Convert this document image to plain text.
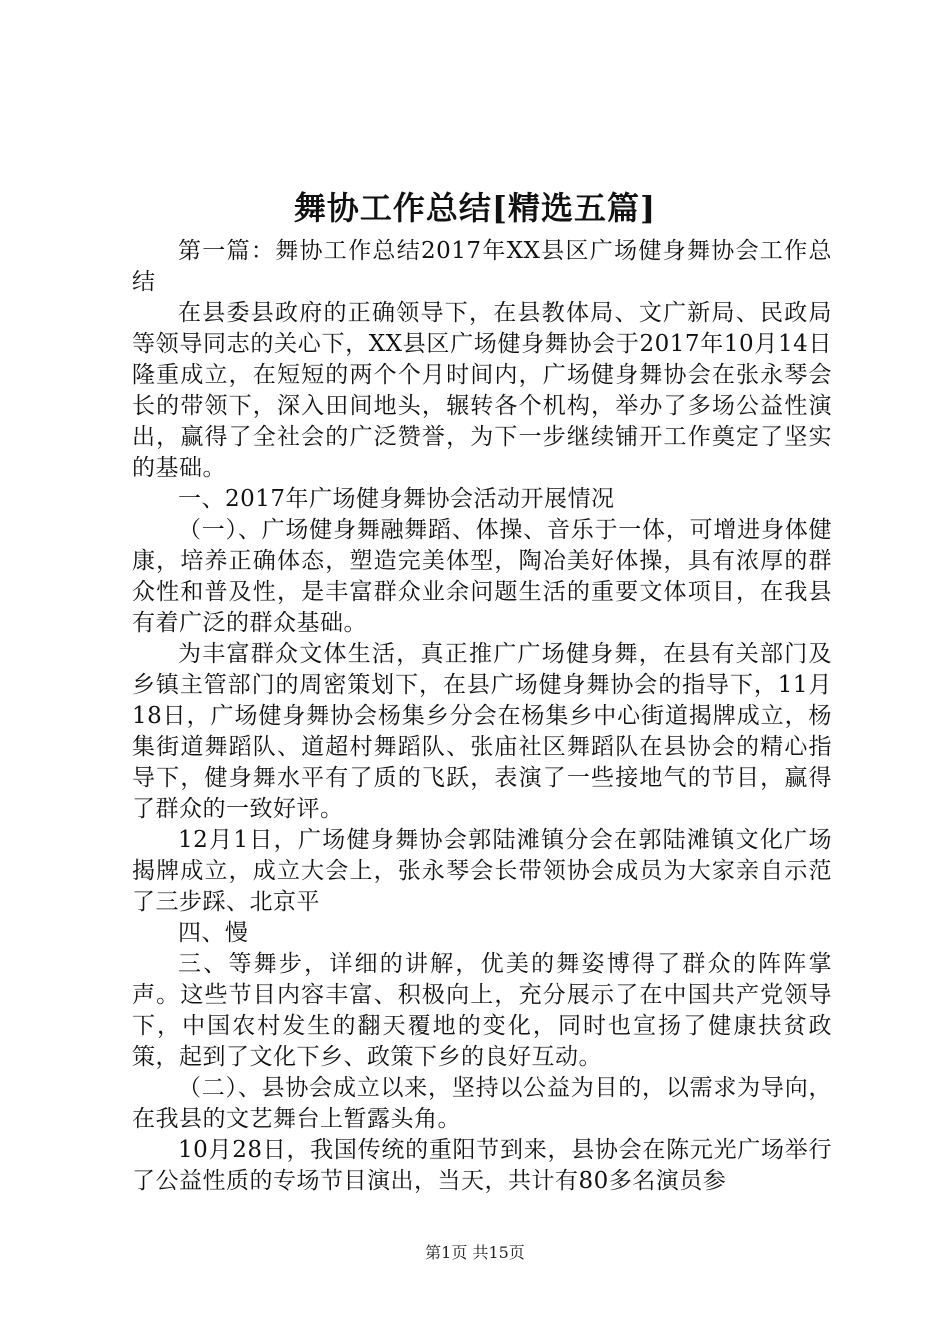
舞协工作总结[精选五篇]

第一篇：舞协工作总结2017年XX县区广场健身舞协会工作总结

在县委县政府的正确领导下，在县教体局、文广新局、民政局等领导同志的关心下，XX县区广场健身舞协会于2017年10月14日隆重成立，在短短的两个个月时间内，广场健身舞协会在张永琴会长的带领下，深入田间地头，辗转各个机构，举办了多场公益性演出，赢得了全社会的广泛赞誉，为下一步继续铺开工作奠定了坚实的基础。

一、2017年广场健身舞协会活动开展情况

（一）、广场健身舞融舞蹈、体操、音乐于一体，可增进身体健康，培养正确体态，塑造完美体型，陶冶美好体操，具有浓厚的群众性和普及性，是丰富群众业余问题生活的重要文体项目，在我县有着广泛的群众基础。

为丰富群众文体生活，真正推广广场健身舞，在县有关部门及乡镇主管部门的周密策划下，在县广场健身舞协会的指导下，11月18日，广场健身舞协会杨集乡分会在杨集乡中心街道揭牌成立，杨集街道舞蹈队、道超村舞蹈队、张庙社区舞蹈队在县协会的精心指导下，健身舞水平有了质的飞跃，表演了一些接地气的节目，赢得了群众的一致好评。

12月1日，广场健身舞协会郭陆滩镇分会在郭陆滩镇文化广场揭牌成立，成立大会上，张永琴会长带领协会成员为大家亲自示范了三步踩、北京平

四、慢

三、等舞步，详细的讲解，优美的舞姿博得了群众的阵阵掌声。这些节目内容丰富、积极向上，充分展示了在中国共产党领导下，中国农村发生的翻天覆地的变化，同时也宣扬了健康扶贫政策，起到了文化下乡、政策下乡的良好互动。

（二）、县协会成立以来，坚持以公益为目的，以需求为导向，在我县的文艺舞台上暂露头角。

10月28日，我国传统的重阳节到来，县协会在陈元光广场举行了公益性质的专场节目演出，当天，共计有80多名演员参

第1页 共15页
